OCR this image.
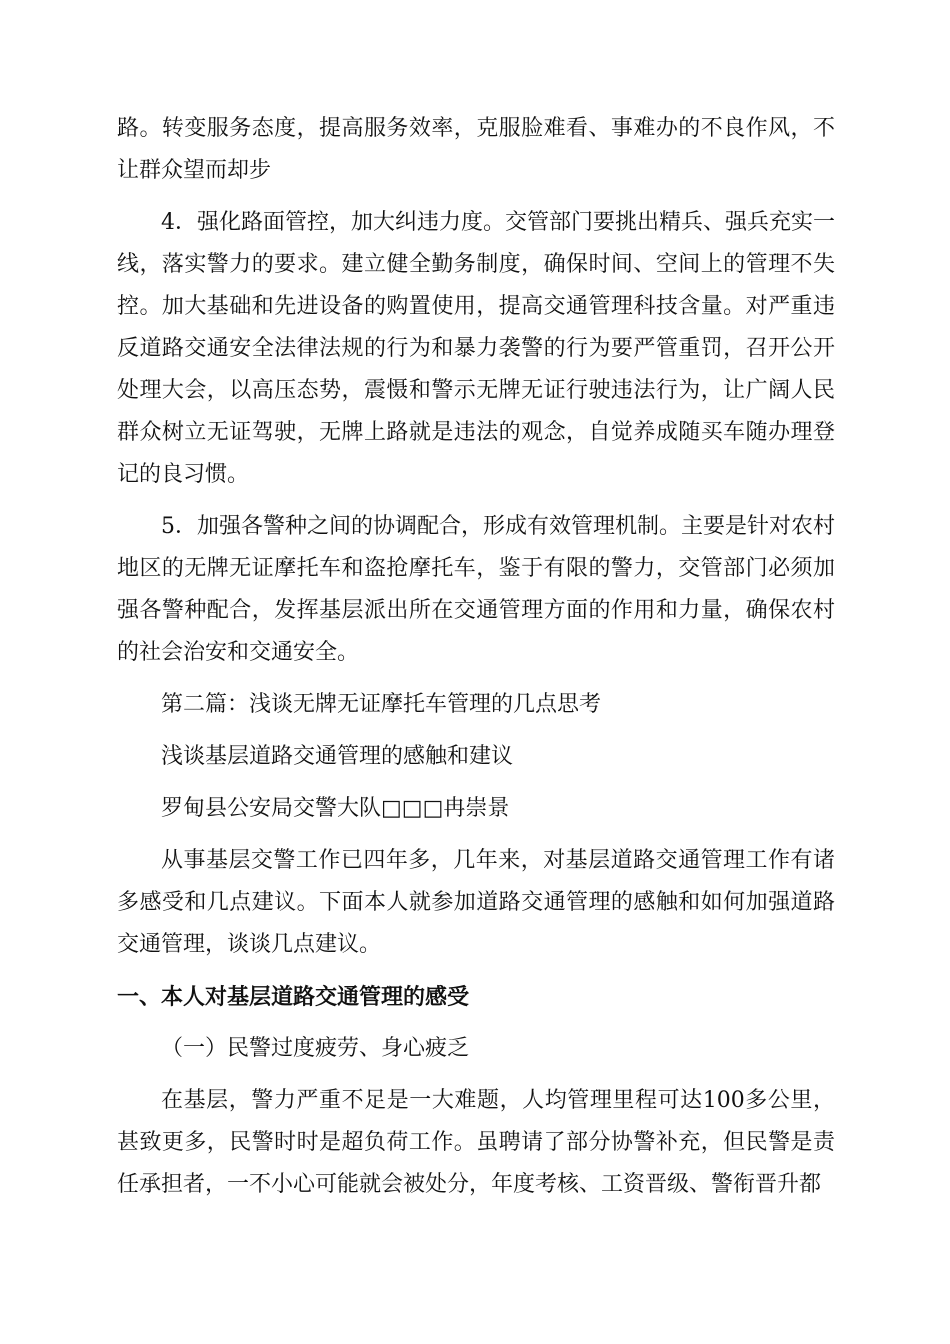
路。转变服务态度，提高服务效率，克服脸难看、事难办的不良作风，不让群众望而却步

4．强化路面管控，加大纠违力度。交管部门要挑出精兵、强兵充实一线，落实警力的要求。建立健全勤务制度，确保时间、空间上的管理不失控。加大基础和先进设备的购置使用，提高交通管理科技含量。对严重违反道路交通安全法律法规的行为和暴力袭警的行为要严管重罚，召开公开处理大会，以高压态势，震慑和警示无牌无证行驶违法行为，让广阔人民群众树立无证驾驶，无牌上路就是违法的观念，自觉养成随买车随办理登记的良习惯。

5．加强各警种之间的协调配合，形成有效管理机制。主要是针对农村地区的无牌无证摩托车和盗抢摩托车，鉴于有限的警力，交管部门必须加强各警种配合，发挥基层派出所在交通管理方面的作用和力量，确保农村的社会治安和交通安全。

第二篇：浅谈无牌无证摩托车管理的几点思考

浅谈基层道路交通管理的感触和建议

罗甸县公安局交警大队□□□冉崇景

从事基层交警工作已四年多，几年来，对基层道路交通管理工作有诸多感受和几点建议。下面本人就参加道路交通管理的感触和如何加强道路交通管理，谈谈几点建议。

一、本人对基层道路交通管理的感受

（一）民警过度疲劳、身心疲乏

在基层，警力严重不足是一大难题，人均管理里程可达100多公里，甚致更多，民警时时是超负荷工作。虽聘请了部分协警补充，但民警是责任承担者，一不小心可能就会被处分，年度考核、工资晋级、警衔晋升都
